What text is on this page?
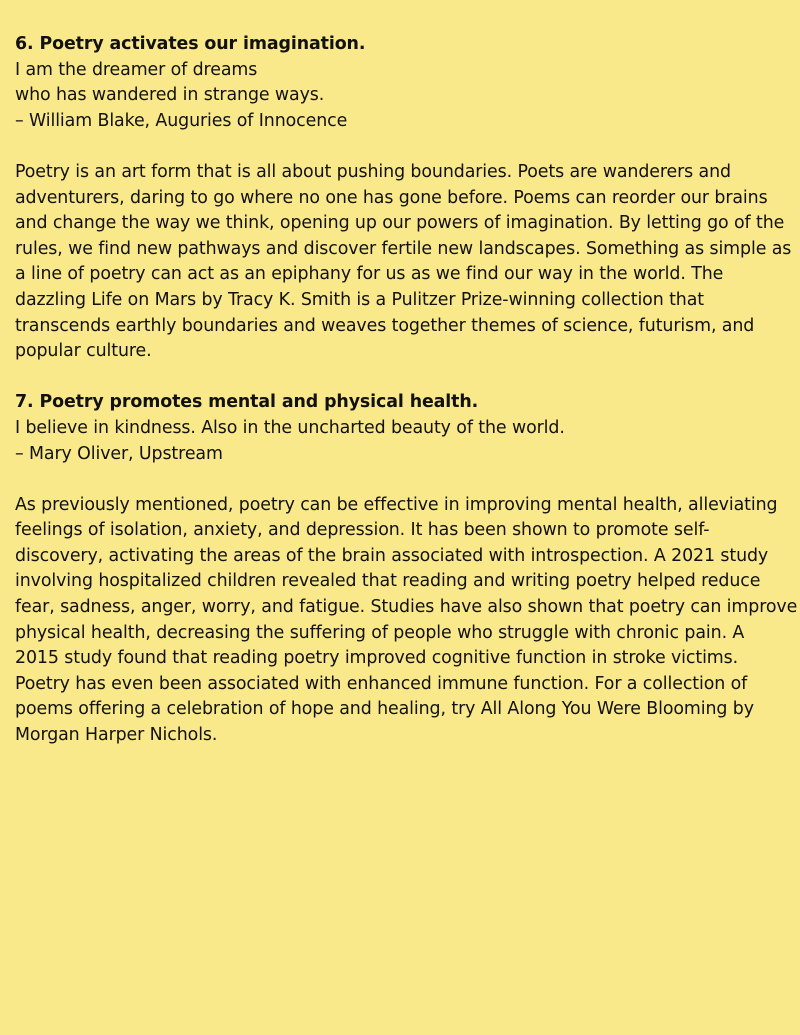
6. Poetry activates our imagination.
I am the dreamer of dreams
who has wandered in strange ways.
– William Blake, Auguries of Innocence
Poetry is an art form that is all about pushing boundaries. Poets are wanderers and
adventurers, daring to go where no one has gone before. Poems can reorder our brains
and change the way we think, opening up our powers of imagination. By letting go of the
rules, we find new pathways and discover fertile new landscapes. Something as simple as
a line of poetry can act as an epiphany for us as we find our way in the world. The
dazzling Life on Mars by Tracy K. Smith is a Pulitzer Prize-winning collection that
transcends earthly boundaries and weaves together themes of science, futurism, and
popular culture.
7. Poetry promotes mental and physical health.
I believe in kindness. Also in the uncharted beauty of the world.
– Mary Oliver, Upstream
As previously mentioned, poetry can be effective in improving mental health, alleviating
feelings of isolation, anxiety, and depression. It has been shown to promote self-
discovery, activating the areas of the brain associated with introspection. A 2021 study
involving hospitalized children revealed that reading and writing poetry helped reduce
fear, sadness, anger, worry, and fatigue. Studies have also shown that poetry can improve
physical health, decreasing the suffering of people who struggle with chronic pain. A
2015 study found that reading poetry improved cognitive function in stroke victims.
Poetry has even been associated with enhanced immune function. For a collection of
poems offering a celebration of hope and healing, try All Along You Were Blooming by
Morgan Harper Nichols.
